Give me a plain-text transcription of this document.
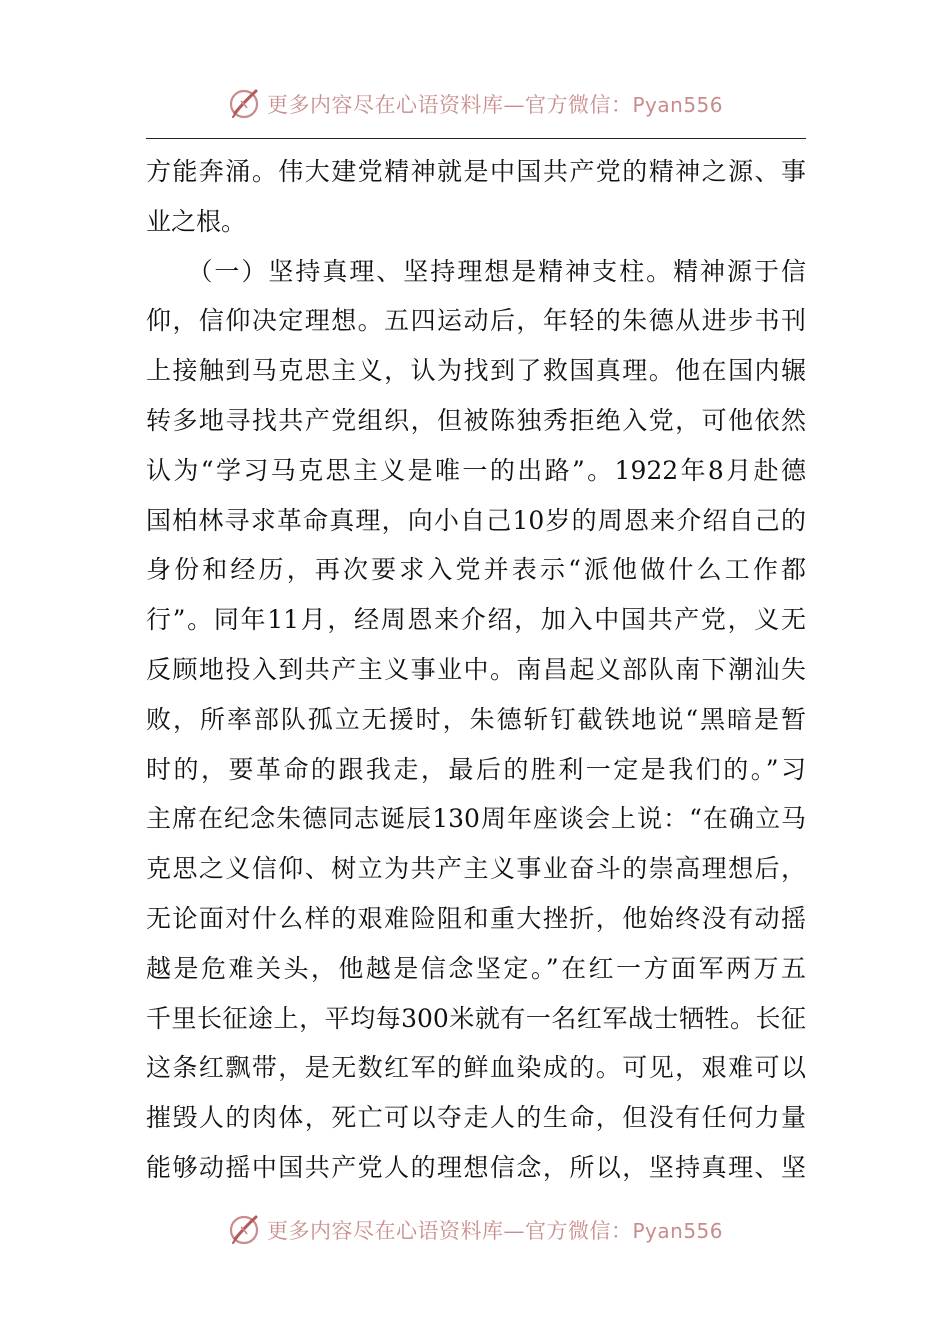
更多内容尽在心语资料库—官方微信：Pyan556
方能奔涌。伟大建党精神就是中国共产党的精神之源、事
业之根。
　　（一）坚持真理、坚持理想是精神支柱。精神源于信
仰，信仰决定理想。五四运动后，年轻的朱德从进步书刊
上接触到马克思主义，认为找到了救国真理。他在国内辗
转多地寻找共产党组织，但被陈独秀拒绝入党，可他依然
认为“学习马克思主义是唯一的出路”。1922年8月赴德
国柏林寻求革命真理，向小自己10岁的周恩来介绍自己的
身份和经历，再次要求入党并表示“派他做什么工作都
行”。同年11月，经周恩来介绍，加入中国共产党，义无
反顾地投入到共产主义事业中。南昌起义部队南下潮汕失
败，所率部队孤立无援时，朱德斩钉截铁地说“黑暗是暂
时的，要革命的跟我走，最后的胜利一定是我们的。”习
主席在纪念朱德同志诞辰130周年座谈会上说：“在确立马
克思之义信仰、树立为共产主义事业奋斗的崇高理想后，
无论面对什么样的艰难险阻和重大挫折，他始终没有动摇
越是危难关头，他越是信念坚定。”在红一方面军两万五
千里长征途上，平均每300米就有一名红军战士牺牲。长征
这条红飘带，是无数红军的鲜血染成的。可见，艰难可以
摧毁人的肉体，死亡可以夺走人的生命，但没有任何力量
能够动摇中国共产党人的理想信念，所以，坚持真理、坚
更多内容尽在心语资料库—官方微信：Pyan556
